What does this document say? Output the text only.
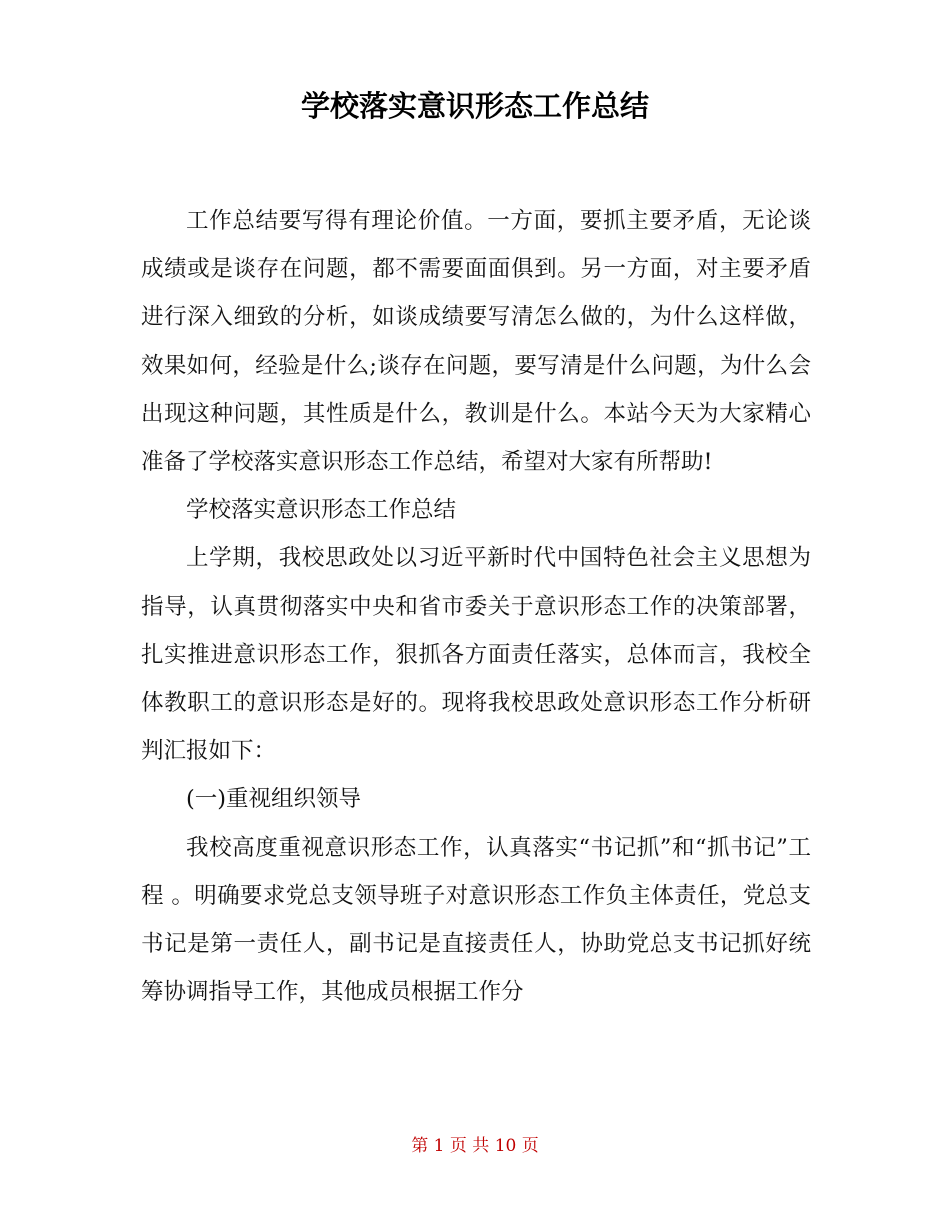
学校落实意识形态工作总结

工作总结要写得有理论价值。一方面，要抓主要矛盾，无论谈成绩或是谈存在问题，都不需要面面俱到。另一方面，对主要矛盾进行深入细致的分析，如谈成绩要写清怎么做的，为什么这样做，效果如何，经验是什么;谈存在问题，要写清是什么问题，为什么会出现这种问题，其性质是什么，教训是什么。本站今天为大家精心准备了学校落实意识形态工作总结，希望对大家有所帮助!

学校落实意识形态工作总结

上学期，我校思政处以习近平新时代中国特色社会主义思想为指导，认真贯彻落实中央和省市委关于意识形态工作的决策部署，扎实推进意识形态工作，狠抓各方面责任落实，总体而言，我校全体教职工的意识形态是好的。现将我校思政处意识形态工作分析研判汇报如下：

(一)重视组织领导

我校高度重视意识形态工作，认真落实“书记抓”和“抓书记”工程 。明确要求党总支领导班子对意识形态工作负主体责任，党总支书记是第一责任人，副书记是直接责任人，协助党总支书记抓好统筹协调指导工作，其他成员根据工作分

第 1 页 共 10 页
